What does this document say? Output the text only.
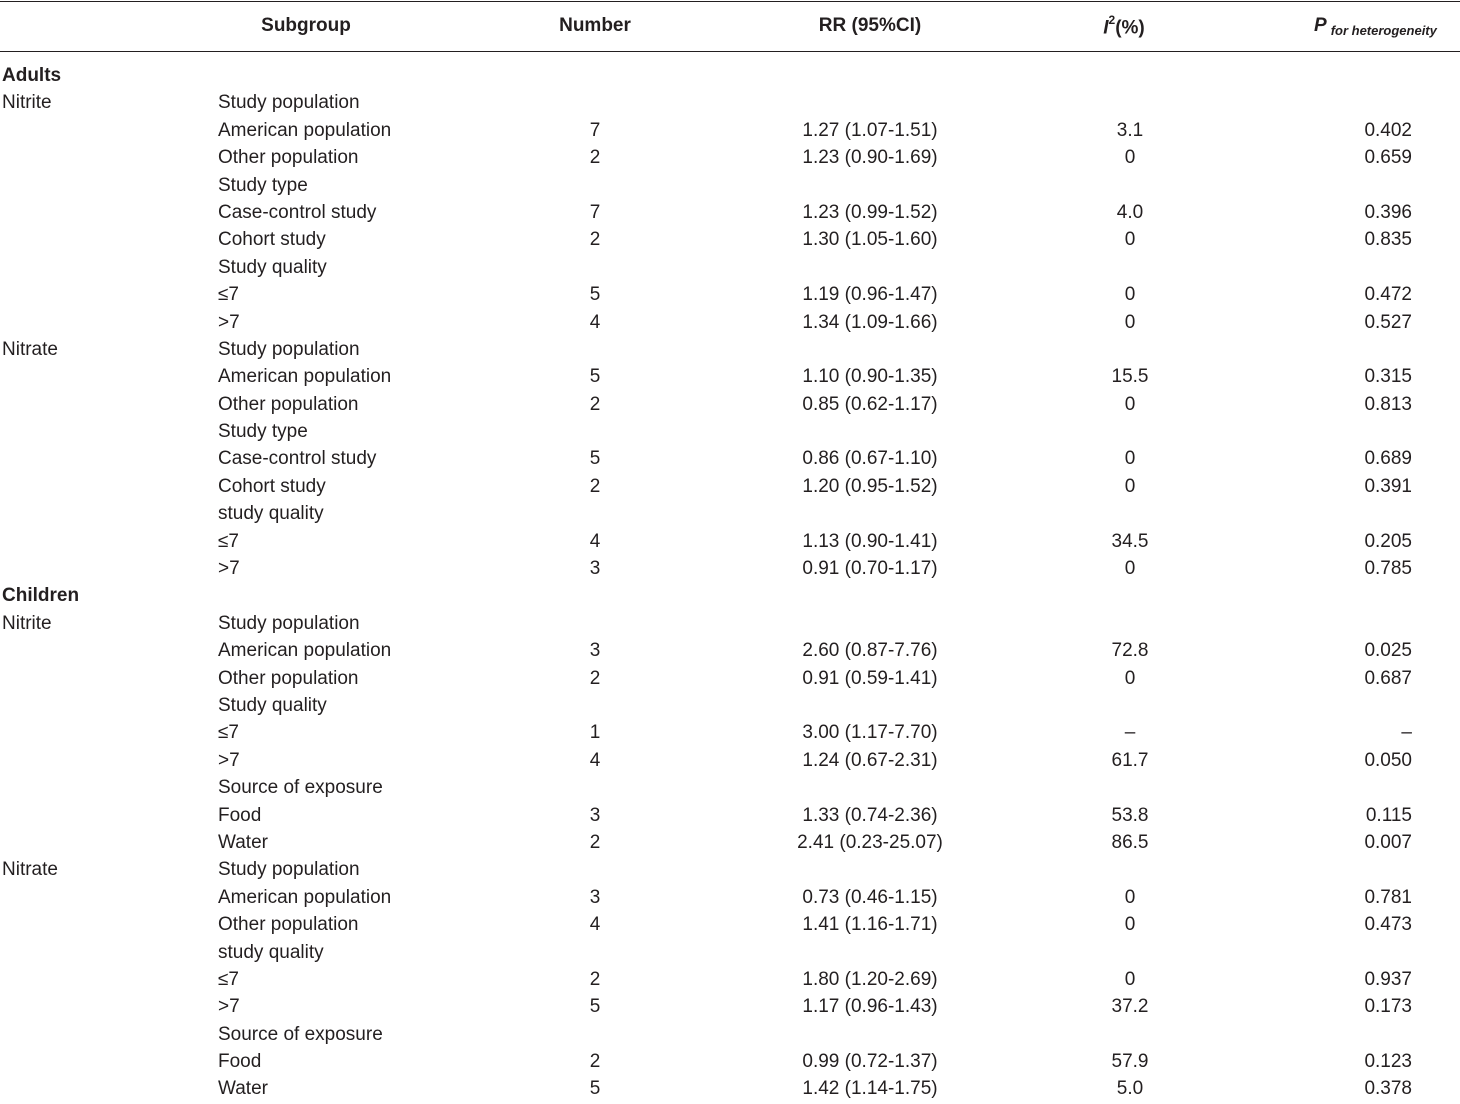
Subgroup	Number	RR (95%CI)	$I^2(\%)$	P $_{for heterogeneity}$
Adults
Nitrite	Study population
American population	7	1.27 (1.07-1.51)	3.1	0.402
Other population	2	1.23 (0.90-1.69)	0	0.659
Study type
Case-control study	7	1.23 (0.99-1.52)	4.0	0.396
Cohort study	2	1.30 (1.05-1.60)	0	0.835
Study quality
≤7	5	1.19 (0.96-1.47)	0	0.472
>7	4	1.34 (1.09-1.66)	0	0.527
Nitrate	Study population
American population	5	1.10 (0.90-1.35)	15.5	0.315
Other population	2	0.85 (0.62-1.17)	0	0.813
Study type
Case-control study	5	0.86 (0.67-1.10)	0	0.689
Cohort study	2	1.20 (0.95-1.52)	0	0.391
study quality
≤7	4	1.13 (0.90-1.41)	34.5	0.205
>7	3	0.91 (0.70-1.17)	0	0.785
Children
Nitrite	Study population
American population	3	2.60 (0.87-7.76)	72.8	0.025
Other population	2	0.91 (0.59-1.41)	0	0.687
Study quality
≤7	1	3.00 (1.17-7.70)	–	–
>7	4	1.24 (0.67-2.31)	61.7	0.050
Source of exposure
Food	3	1.33 (0.74-2.36)	53.8	0.115
Water	2	2.41 (0.23-25.07)	86.5	0.007
Nitrate	Study population
American population	3	0.73 (0.46-1.15)	0	0.781
Other population	4	1.41 (1.16-1.71)	0	0.473
study quality
≤7	2	1.80 (1.20-2.69)	0	0.937
>7	5	1.17 (0.96-1.43)	37.2	0.173
Source of exposure
Food	2	0.99 (0.72-1.37)	57.9	0.123
Water	5	1.42 (1.14-1.75)	5.0	0.378
